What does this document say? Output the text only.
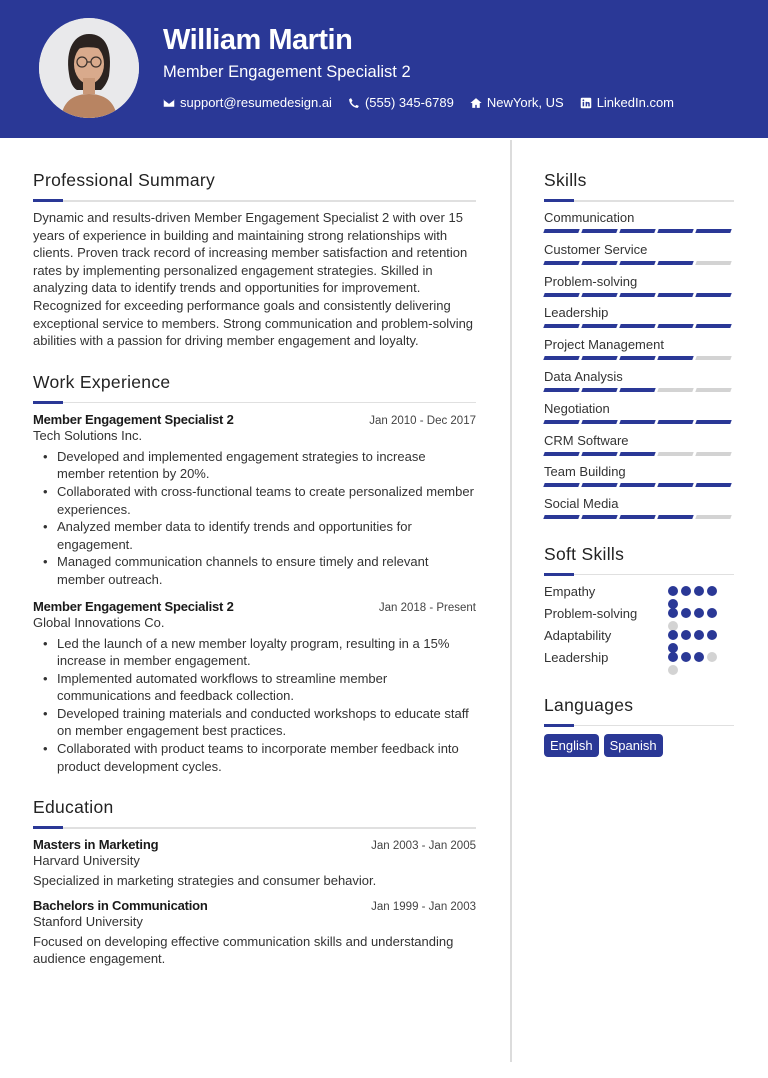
William Martin
Member Engagement Specialist 2
support@resumedesign.ai	(555) 345-6789	NewYork, US	LinkedIn.com
Professional Summary

Dynamic and results-driven Member Engagement Specialist 2 with over 15 years of experience in building and maintaining strong relationships with clients. Proven track record of increasing member satisfaction and retention rates by implementing personalized engagement strategies. Skilled in analyzing data to identify trends and opportunities for improvement. Recognized for exceeding performance goals and consistently delivering exceptional service to members. Strong communication and problem-solving abilities with a passion for driving member engagement and loyalty.

Work Experience
Member Engagement Specialist 2	Jan 2010 - Dec 2017
Tech Solutions Inc.
• Developed and implemented engagement strategies to increase member retention by 20%.
• Collaborated with cross-functional teams to create personalized member experiences.
• Analyzed member data to identify trends and opportunities for engagement.
• Managed communication channels to ensure timely and relevant member outreach.
Member Engagement Specialist 2	Jan 2018 - Present
Global Innovations Co.
• Led the launch of a new member loyalty program, resulting in a 15% increase in member engagement.
• Implemented automated workflows to streamline member communications and feedback collection.
• Developed training materials and conducted workshops to educate staff on member engagement best practices.
• Collaborated with product teams to incorporate member feedback into product development cycles.
Education
Masters in Marketing	Jan 2003 - Jan 2005
Harvard University
Specialized in marketing strategies and consumer behavior.
Bachelors in Communication	Jan 1999 - Jan 2003
Stanford University
Focused on developing effective communication skills and understanding audience engagement.
Skills
Communication
Customer Service
Problem-solving
Leadership
Project Management
Data Analysis
Negotiation
CRM Software
Team Building
Social Media
Soft Skills
Empathy
Problem-solving
Adaptability
Leadership
Languages
English	Spanish
